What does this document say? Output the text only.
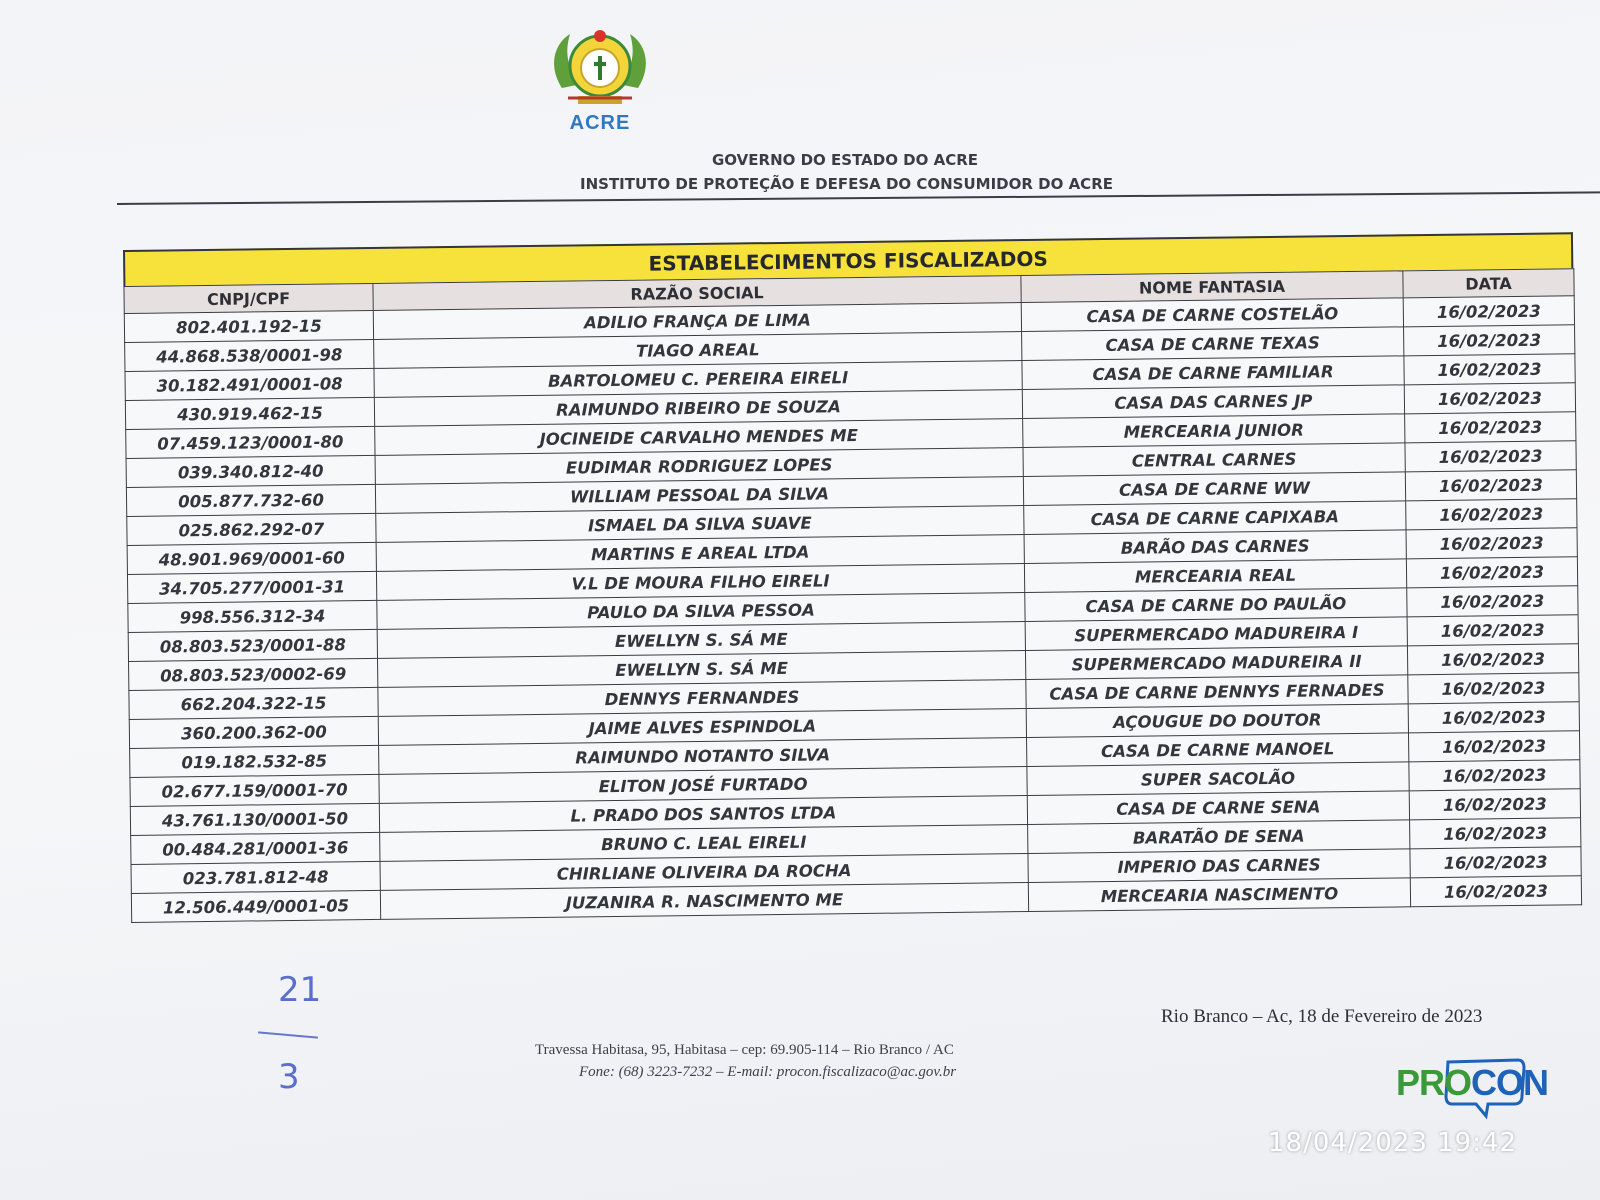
ACRE
GOVERNO DO ESTADO DO ACRE
INSTITUTO DE PROTEÇÃO E DEFESA DO CONSUMIDOR DO ACRE
ESTABELECIMENTOS FISCALIZADOS
CNPJ/CPF	RAZÃO SOCIAL	NOME FANTASIA	DATA
802.401.192-15	ADILIO FRANÇA DE LIMA	CASA DE CARNE COSTELÃO	16/02/2023
44.868.538/0001-98	TIAGO AREAL	CASA DE CARNE TEXAS	16/02/2023
30.182.491/0001-08	BARTOLOMEU C. PEREIRA EIRELI	CASA DE CARNE FAMILIAR	16/02/2023
430.919.462-15	RAIMUNDO RIBEIRO DE SOUZA	CASA DAS CARNES JP	16/02/2023
07.459.123/0001-80	JOCINEIDE CARVALHO MENDES ME	MERCEARIA JUNIOR	16/02/2023
039.340.812-40	EUDIMAR RODRIGUEZ LOPES	CENTRAL CARNES	16/02/2023
005.877.732-60	WILLIAM PESSOAL DA SILVA	CASA DE CARNE WW	16/02/2023
025.862.292-07	ISMAEL DA SILVA SUAVE	CASA DE CARNE CAPIXABA	16/02/2023
48.901.969/0001-60	MARTINS E AREAL LTDA	BARÃO DAS CARNES	16/02/2023
34.705.277/0001-31	V.L DE MOURA FILHO EIRELI	MERCEARIA REAL	16/02/2023
998.556.312-34	PAULO DA SILVA PESSOA	CASA DE CARNE DO PAULÃO	16/02/2023
08.803.523/0001-88	EWELLYN S. SÁ ME	SUPERMERCADO MADUREIRA I	16/02/2023
08.803.523/0002-69	EWELLYN S. SÁ ME	SUPERMERCADO MADUREIRA II	16/02/2023
662.204.322-15	DENNYS FERNANDES	CASA DE CARNE DENNYS FERNADES	16/02/2023
360.200.362-00	JAIME ALVES ESPINDOLA	AÇOUGUE DO DOUTOR	16/02/2023
019.182.532-85	RAIMUNDO NOTANTO SILVA	CASA DE CARNE MANOEL	16/02/2023
02.677.159/0001-70	ELITON JOSÉ FURTADO	SUPER SACOLÃO	16/02/2023
43.761.130/0001-50	L. PRADO DOS SANTOS LTDA	CASA DE CARNE SENA	16/02/2023
00.484.281/0001-36	BRUNO C. LEAL EIRELI	BARATÃO DE SENA	16/02/2023
023.781.812-48	CHIRLIANE OLIVEIRA DA ROCHA	IMPERIO DAS CARNES	16/02/2023
12.506.449/0001-05	JUZANIRA R. NASCIMENTO ME	MERCEARIA NASCIMENTO	16/02/2023
21
3
Rio Branco – Ac, 18 de Fevereiro de 2023
Travessa Habitasa, 95, Habitasa – cep: 69.905-114 – Rio Branco / AC
Fone: (68) 3223-7232 – E-mail: procon.fiscalizaco@ac.gov.br	PROCON
18/04/2023 19:42
